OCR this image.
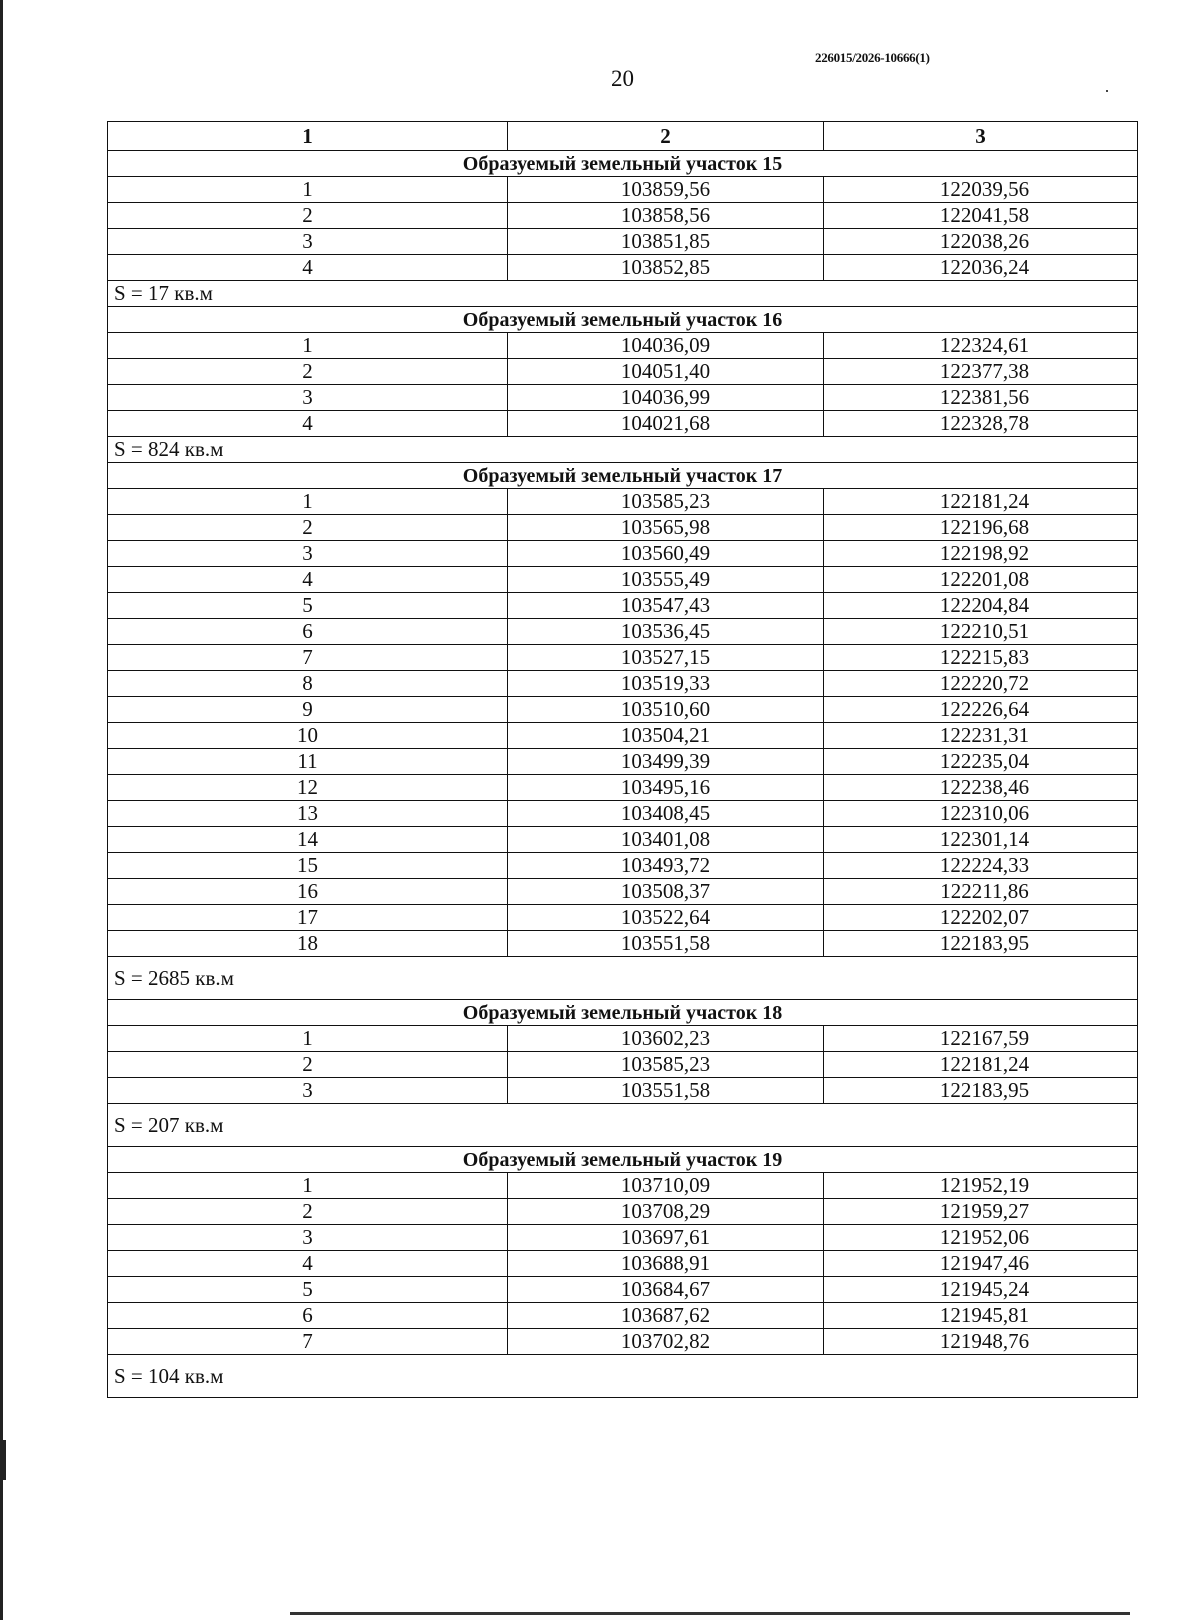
226015/2026-10666(1)
20
1	2	3
Образуемый земельный участок 15		
1	103859,56	122039,56
2	103858,56	122041,58
3	103851,85	122038,26
4	103852,85	122036,24
S = 17 кв.м		
Образуемый земельный участок 16		
1	104036,09	122324,61
2	104051,40	122377,38
3	104036,99	122381,56
4	104021,68	122328,78
S = 824 кв.м		
Образуемый земельный участок 17		
1	103585,23	122181,24
2	103565,98	122196,68
3	103560,49	122198,92
4	103555,49	122201,08
5	103547,43	122204,84
6	103536,45	122210,51
7	103527,15	122215,83
8	103519,33	122220,72
9	103510,60	122226,64
10	103504,21	122231,31
11	103499,39	122235,04
12	103495,16	122238,46
13	103408,45	122310,06
14	103401,08	122301,14
15	103493,72	122224,33
16	103508,37	122211,86
17	103522,64	122202,07
18	103551,58	122183,95
S = 2685 кв.м		
Образуемый земельный участок 18		
1	103602,23	122167,59
2	103585,23	122181,24
3	103551,58	122183,95
S = 207 кв.м		
Образуемый земельный участок 19		
1	103710,09	121952,19
2	103708,29	121959,27
3	103697,61	121952,06
4	103688,91	121947,46
5	103684,67	121945,24
6	103687,62	121945,81
7	103702,82	121948,76
S = 104 кв.м		
